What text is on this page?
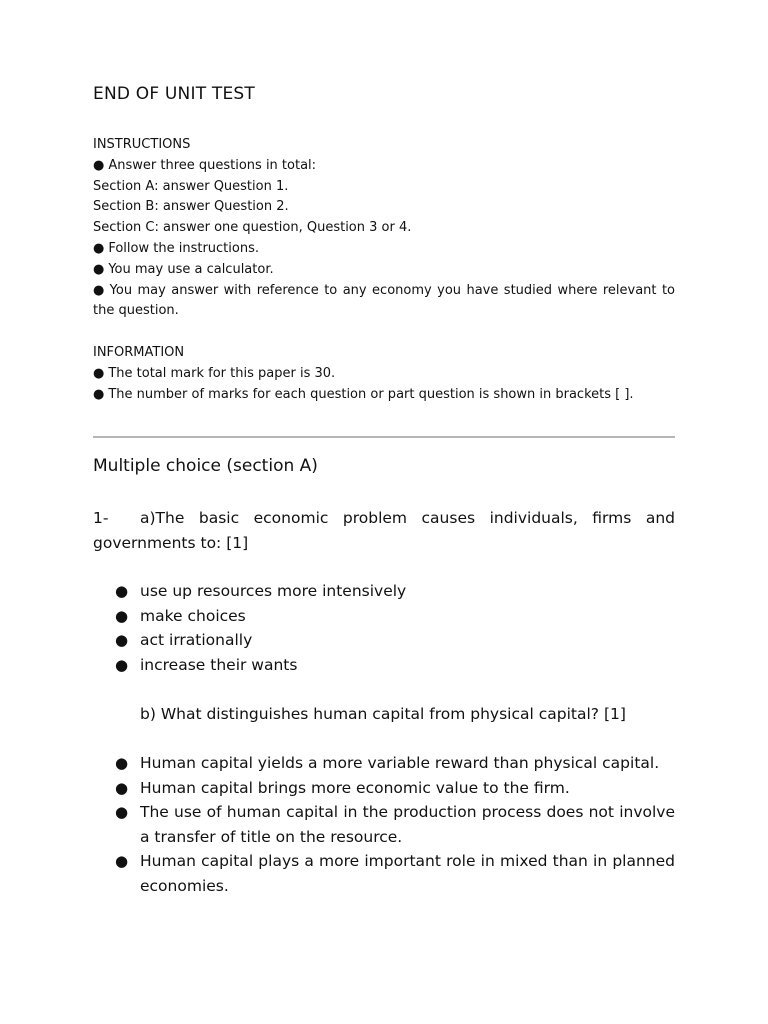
END OF UNIT TEST
INSTRUCTIONS
● Answer three questions in total:
Section A: answer Question 1.
Section B: answer Question 2.
Section C: answer one question, Question 3 or 4.
● Follow the instructions.
● You may use a calculator.
● You may answer with reference to any economy you have studied where relevant to the question.
INFORMATION
● The total mark for this paper is 30.
● The number of marks for each question or part question is shown in brackets [ ].
Multiple choice (section A)
1- a)The basic economic problem causes individuals, firms and governments to: [1]
● use up resources more intensively
● make choices
● act irrationally
● increase their wants
b) What distinguishes human capital from physical capital? [1]
● Human capital yields a more variable reward than physical capital.
● Human capital brings more economic value to the firm.
● The use of human capital in the production process does not involve a transfer of title on the resource.
● Human capital plays a more important role in mixed than in planned economies.
